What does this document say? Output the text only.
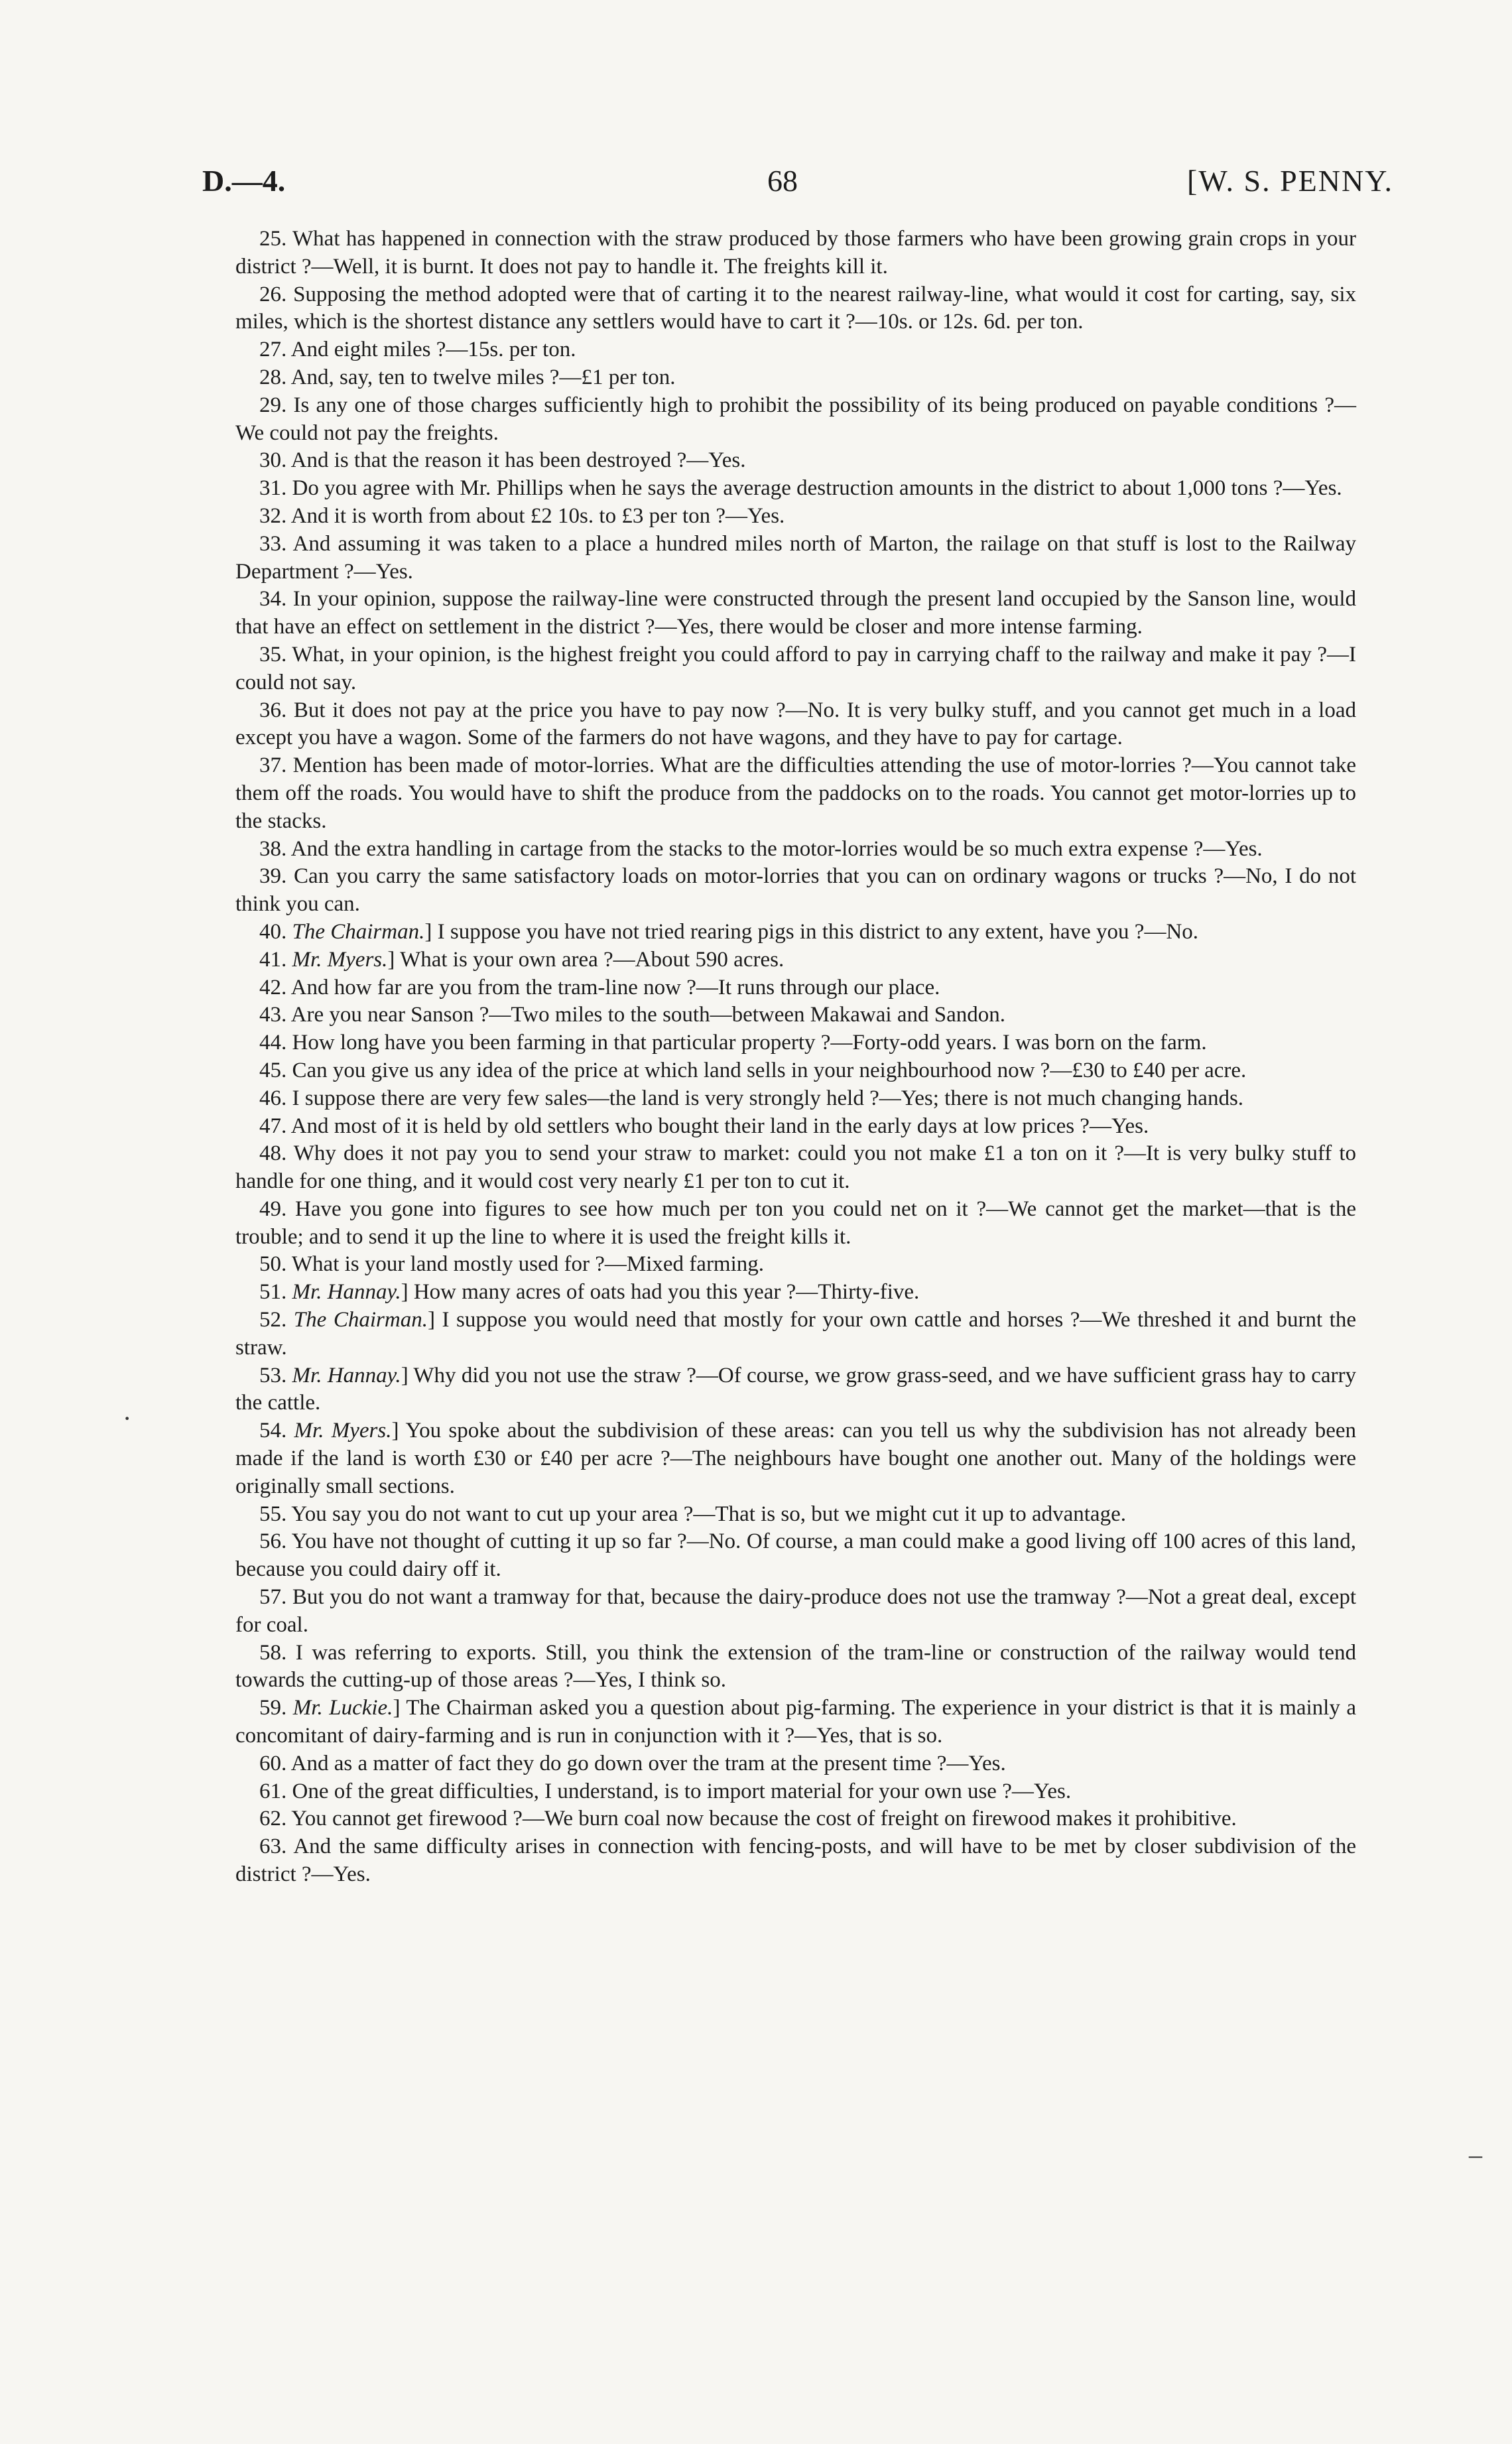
D.—4.	68	[W. S. PENNY.

25. What has happened in connection with the straw produced by those farmers who have been growing grain crops in your district ?—Well, it is burnt. It does not pay to handle it. The freights kill it.

26. Supposing the method adopted were that of carting it to the nearest railway-line, what would it cost for carting, say, six miles, which is the shortest distance any settlers would have to cart it ?—10s. or 12s. 6d. per ton.

27. And eight miles ?—15s. per ton.

28. And, say, ten to twelve miles ?—£1 per ton.

29. Is any one of those charges sufficiently high to prohibit the possibility of its being produced on payable conditions ?—We could not pay the freights.

30. And is that the reason it has been destroyed ?—Yes.

31. Do you agree with Mr. Phillips when he says the average destruction amounts in the district to about 1,000 tons ?—Yes.

32. And it is worth from about £2 10s. to £3 per ton ?—Yes.

33. And assuming it was taken to a place a hundred miles north of Marton, the railage on that stuff is lost to the Railway Department ?—Yes.

34. In your opinion, suppose the railway-line were constructed through the present land occupied by the Sanson line, would that have an effect on settlement in the district ?—Yes, there would be closer and more intense farming.

35. What, in your opinion, is the highest freight you could afford to pay in carrying chaff to the railway and make it pay ?—I could not say.

36. But it does not pay at the price you have to pay now ?—No. It is very bulky stuff, and you cannot get much in a load except you have a wagon. Some of the farmers do not have wagons, and they have to pay for cartage.

37. Mention has been made of motor-lorries. What are the difficulties attending the use of motor-lorries ?—You cannot take them off the roads. You would have to shift the produce from the paddocks on to the roads. You cannot get motor-lorries up to the stacks.

38. And the extra handling in cartage from the stacks to the motor-lorries would be so much extra expense ?—Yes.

39. Can you carry the same satisfactory loads on motor-lorries that you can on ordinary wagons or trucks ?—No, I do not think you can.

40. The Chairman.] I suppose you have not tried rearing pigs in this district to any extent, have you ?—No.

41. Mr. Myers.] What is your own area ?—About 590 acres.

42. And how far are you from the tram-line now ?—It runs through our place.

43. Are you near Sanson ?—Two miles to the south—between Makawai and Sandon.

44. How long have you been farming in that particular property ?—Forty-odd years. I was born on the farm.

45. Can you give us any idea of the price at which land sells in your neighbourhood now ?—£30 to £40 per acre.

46. I suppose there are very few sales—the land is very strongly held ?—Yes; there is not much changing hands.

47. And most of it is held by old settlers who bought their land in the early days at low prices ?—Yes.

48. Why does it not pay you to send your straw to market: could you not make £1 a ton on it ?—It is very bulky stuff to handle for one thing, and it would cost very nearly £1 per ton to cut it.

49. Have you gone into figures to see how much per ton you could net on it ?—We cannot get the market—that is the trouble; and to send it up the line to where it is used the freight kills it.

50. What is your land mostly used for ?—Mixed farming.

51. Mr. Hannay.] How many acres of oats had you this year ?—Thirty-five.

52. The Chairman.] I suppose you would need that mostly for your own cattle and horses ?—We threshed it and burnt the straw.

53. Mr. Hannay.] Why did you not use the straw ?—Of course, we grow grass-seed, and we have sufficient grass hay to carry the cattle.

54. Mr. Myers.] You spoke about the subdivision of these areas: can you tell us why the subdivision has not already been made if the land is worth £30 or £40 per acre ?—The neighbours have bought one another out. Many of the holdings were originally small sections.

55. You say you do not want to cut up your area ?—That is so, but we might cut it up to advantage.

56. You have not thought of cutting it up so far ?—No. Of course, a man could make a good living off 100 acres of this land, because you could dairy off it.

57. But you do not want a tramway for that, because the dairy-produce does not use the tramway ?—Not a great deal, except for coal.

58. I was referring to exports. Still, you think the extension of the tram-line or construction of the railway would tend towards the cutting-up of those areas ?—Yes, I think so.

59. Mr. Luckie.] The Chairman asked you a question about pig-farming. The experience in your district is that it is mainly a concomitant of dairy-farming and is run in conjunction with it ?—Yes, that is so.

60. And as a matter of fact they do go down over the tram at the present time ?—Yes.

61. One of the great difficulties, I understand, is to import material for your own use ?—Yes.

62. You cannot get firewood ?—We burn coal now because the cost of freight on firewood makes it prohibitive.

63. And the same difficulty arises in connection with fencing-posts, and will have to be met by closer subdivision of the district ?—Yes.

·
–
